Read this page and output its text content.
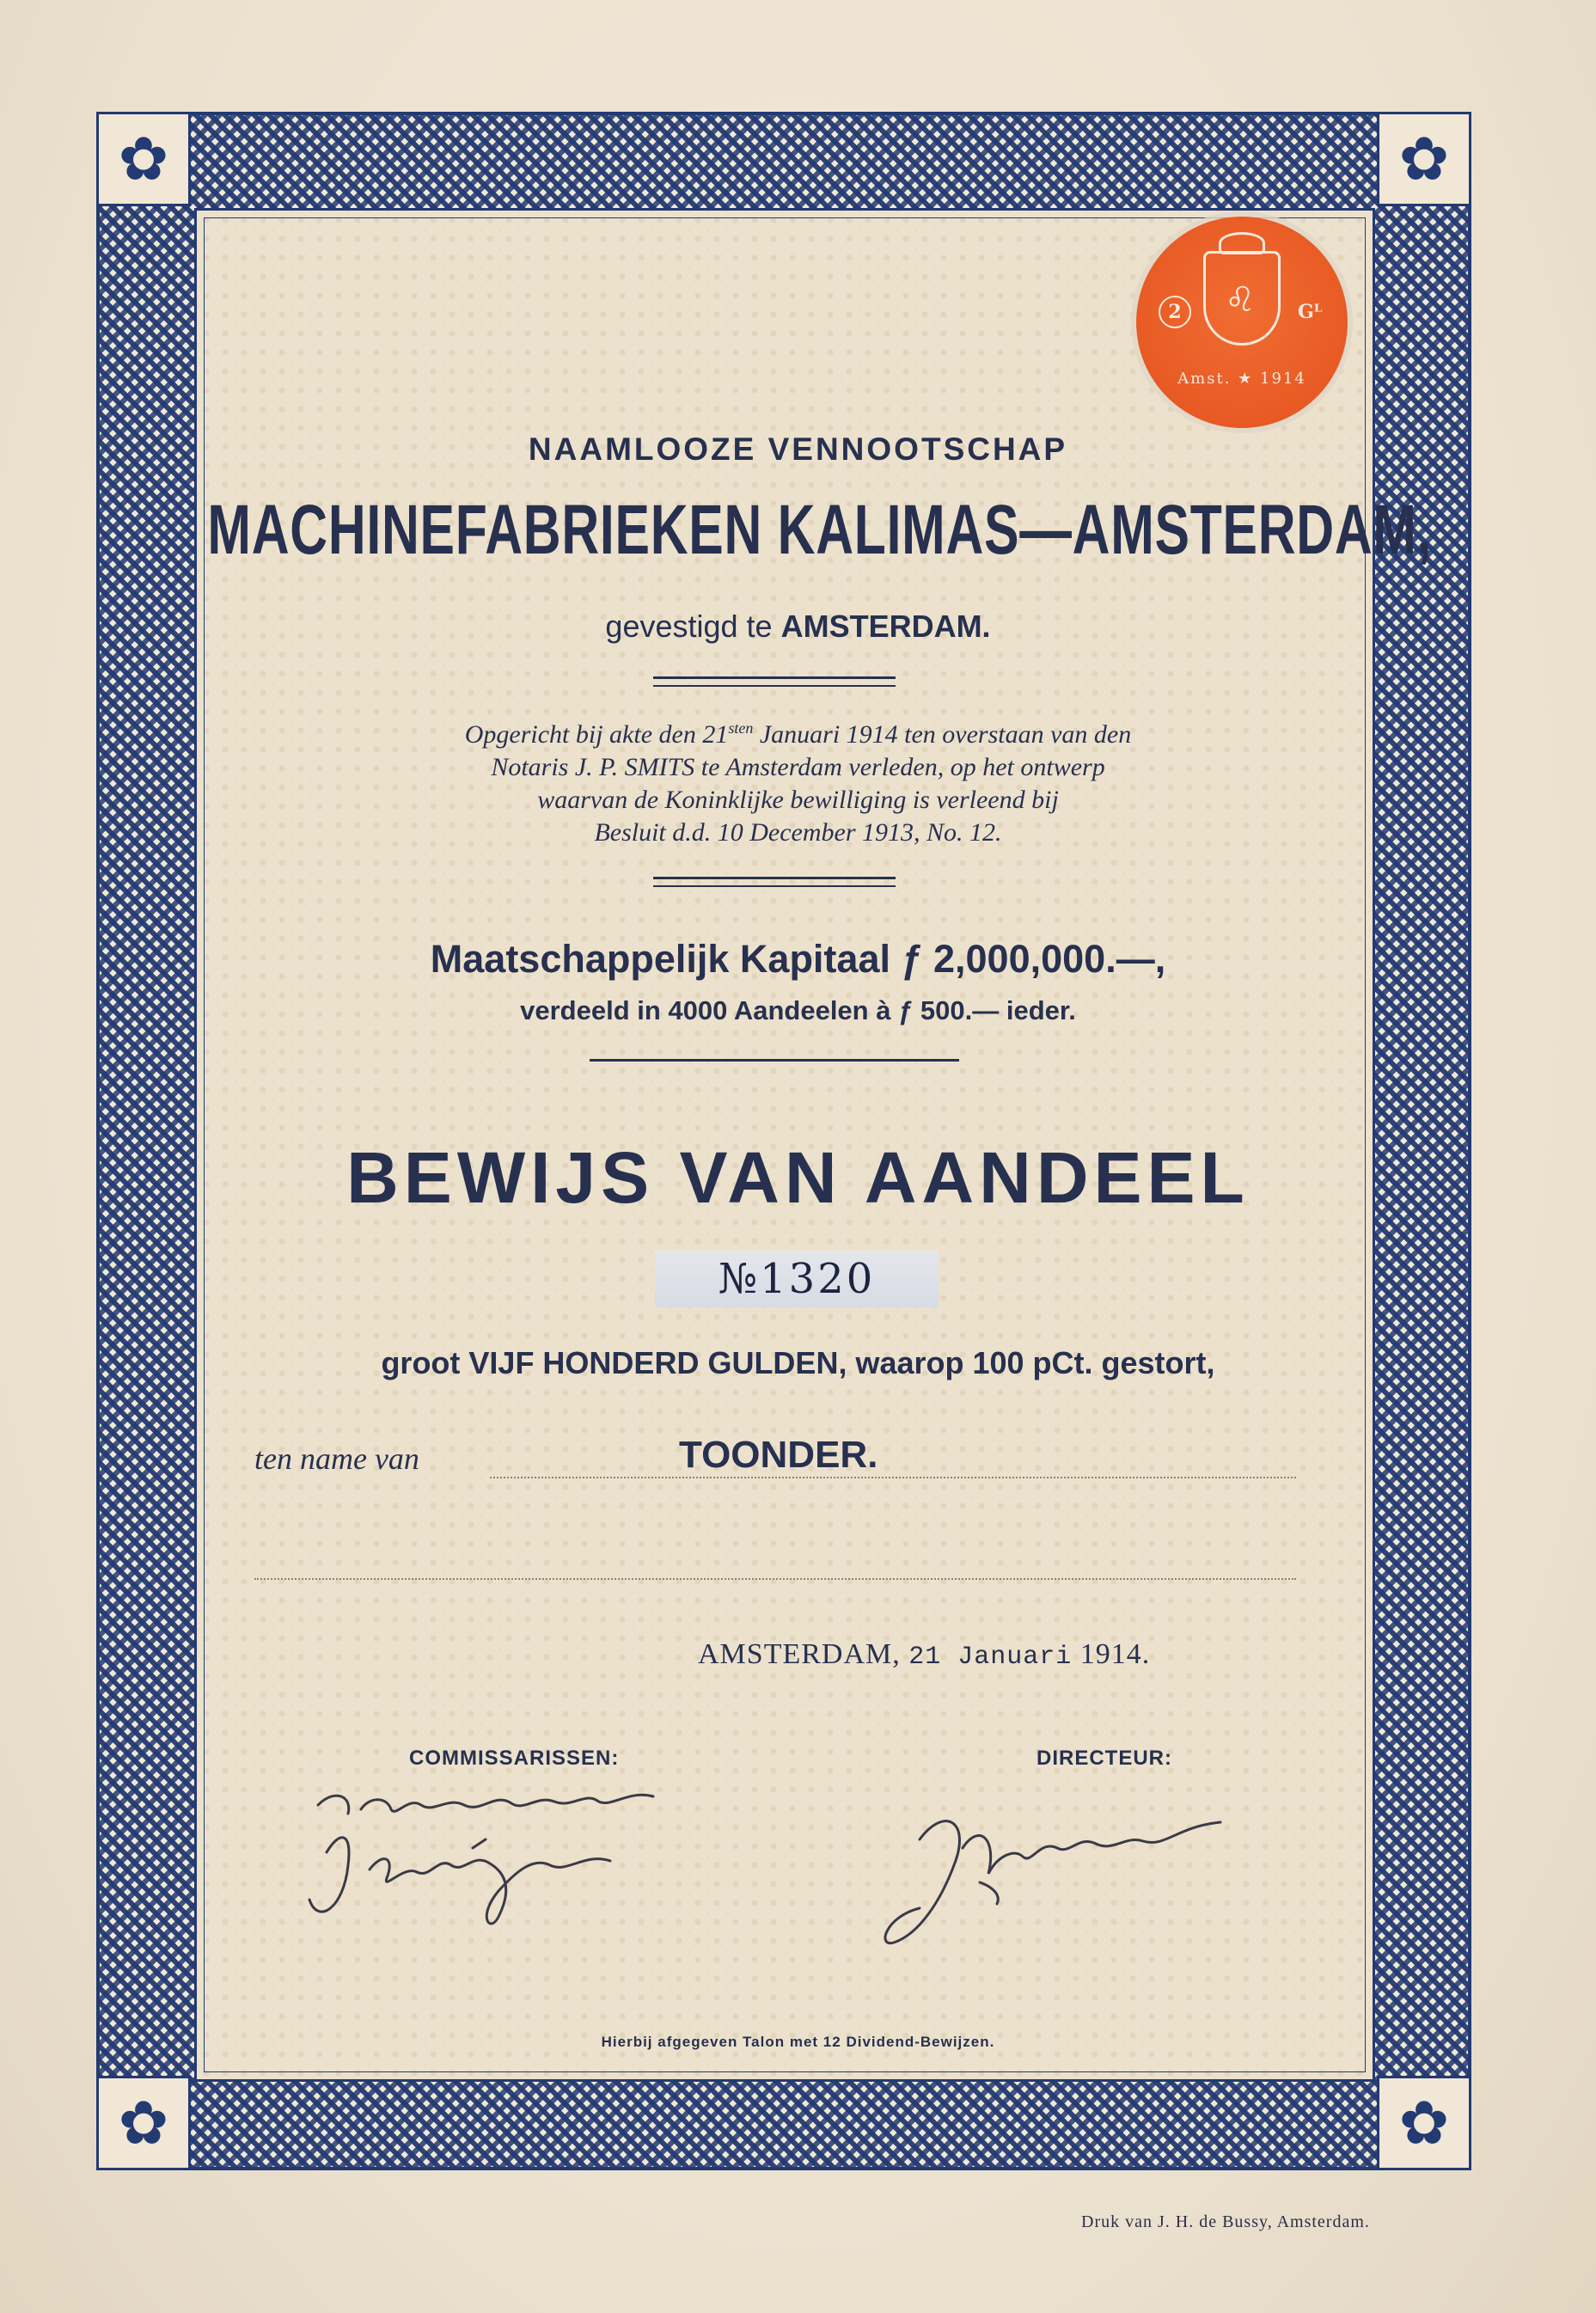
✿	✿
✿	✿
♌
2	Gᴸ
Amst. ★ 1914
NAAMLOOZE VENNOOTSCHAP
MACHINEFABRIEKEN KALIMAS—AMSTERDAM,
gevestigd te AMSTERDAM.

Opgericht bij akte den $21^{sten}$ Januari 1914 ten overstaan van den

Notaris J. P. SMITS te Amsterdam verleden, op het ontwerp

waarvan de Koninklijke bewilliging is verleend bij

Besluit d.d. 10 December 1913, No. 12.

Maatschappelijk Kapitaal ƒ 2,000,000.—,
verdeeld in 4000 Aandeelen à ƒ 500.— ieder.
BEWIJS VAN AANDEEL
№1320
groot VIJF HONDERD GULDEN, waarop 100 pCt. gestort,
ten name van	TOONDER.
AMSTERDAM, 21 Januari 1914.
COMMISSARISSEN:	DIRECTEUR:
Hierbij afgegeven Talon met 12 Dividend-Bewijzen.
Druk van J. H. de Bussy, Amsterdam.
